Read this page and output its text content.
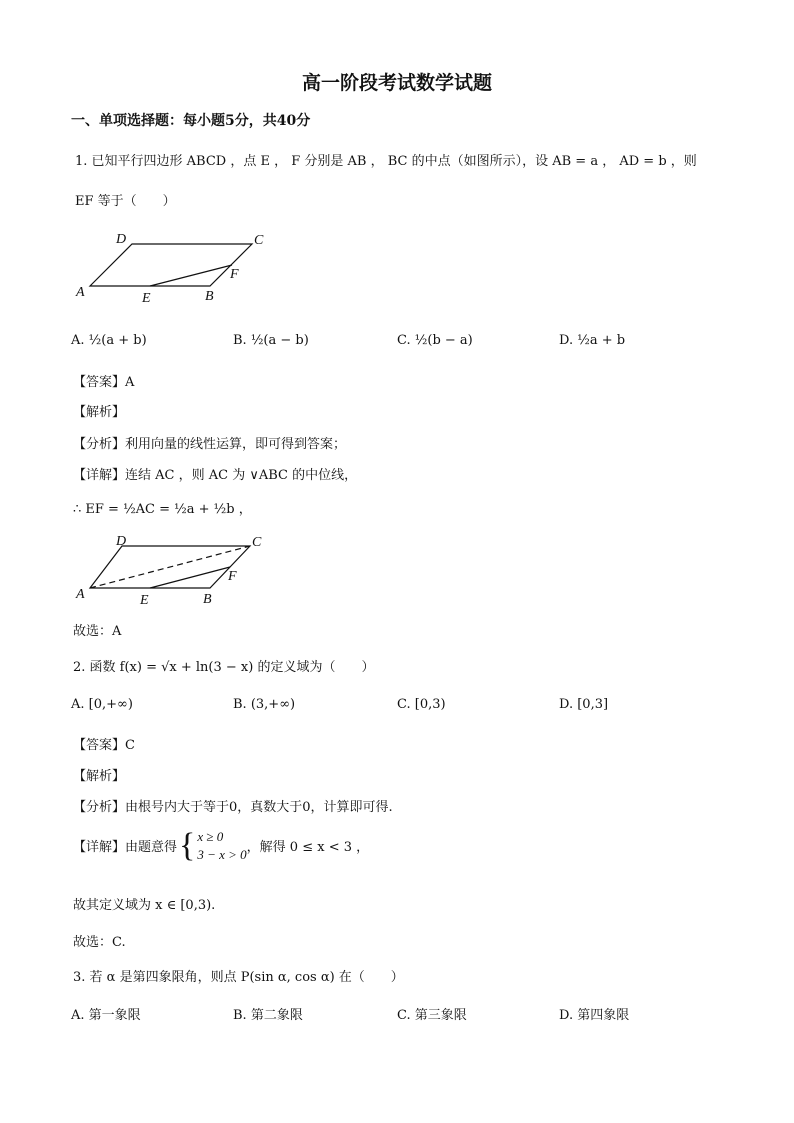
高一阶段考试数学试题
一、单项选择题：每小题5分，共40分
1. 已知平行四边形 ABCD ，点 E ， F 分别是 AB ， BC 的中点（如图所示），设 AB = a ， AD = b ，则
EF 等于（　　）
A
D	C
F
E	B
A. ½(a + b)	B. ½(a − b)	C. ½(b − a)	D. ½a + b
【答案】A
【解析】
【分析】利用向量的线性运算，即可得到答案；
【详解】连结 AC ，则 AC 为 ∨ABC 的中位线，
∴ EF = ½AC = ½a + ½b ，
A
D	C
F
E	B
故选：A
2. 函数 f(x) = √x + ln(3 − x) 的定义域为（　　）
A. [0,+∞)	B. (3,+∞)	C. [0,3)	D. [0,3]
【答案】C
【解析】
【分析】由根号内大于等于0，真数大于0，计算即可得.
【详解】由题意得 { x ≥ 0
3 − x > 0 ，解得 0 ≤ x < 3 ，
故其定义域为 x ∈ [0,3).
故选：C.
3. 若 α 是第四象限角，则点 P(sin α, cos α) 在（　　）
A. 第一象限	B. 第二象限	C. 第三象限	D. 第四象限
